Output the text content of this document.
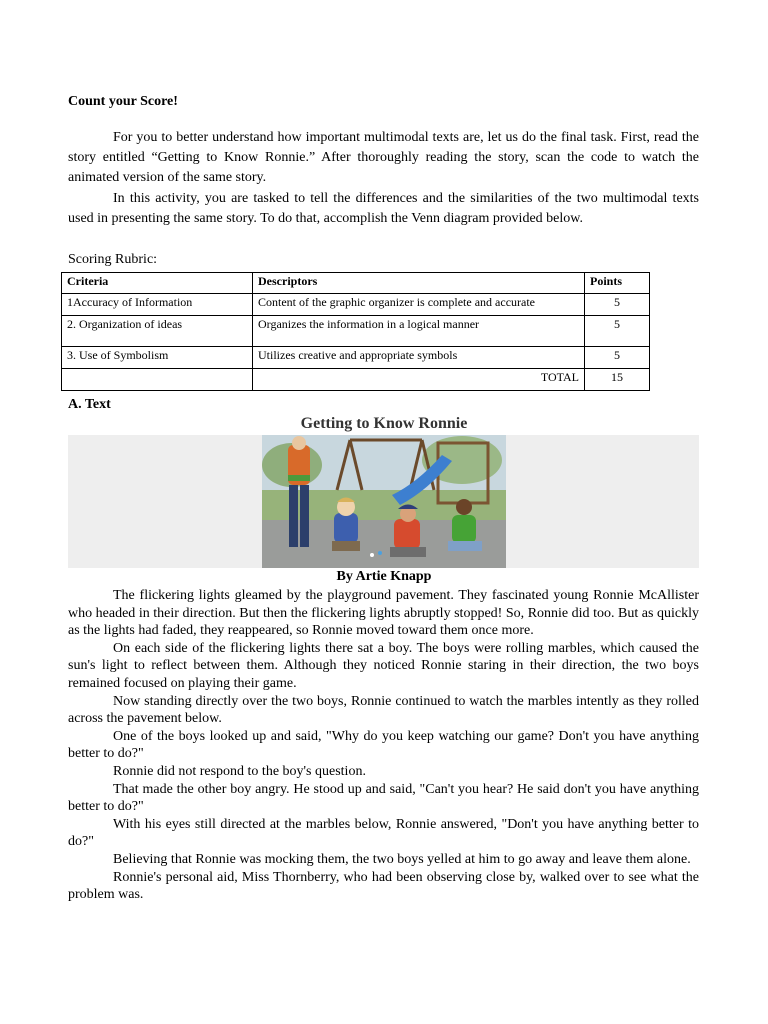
Count your Score!

For you to better understand how important multimodal texts are, let us do the final task. First, read the story entitled “Getting to Know Ronnie.” After thoroughly reading the story, scan the code to watch the animated version of the same story.

In this activity, you are tasked to tell the differences and the similarities of the two multimodal texts used in presenting the same story. To do that, accomplish the Venn diagram provided below.

Scoring Rubric:
Criteria	Descriptors	Points
1Accuracy of Information	Content of the graphic organizer is complete and accurate	5
2. Organization of ideas	Organizes the information in a logical manner	5
3. Use of Symbolism	Utilizes creative and appropriate symbols	5
	TOTAL	15
A. Text
Getting to Know Ronnie
By Artie Knapp

The flickering lights gleamed by the playground pavement. They fascinated young Ronnie McAllister who headed in their direction. But then the flickering lights abruptly stopped! So, Ronnie did too. But as quickly as the lights had faded, they reappeared, so Ronnie moved toward them once more.

On each side of the flickering lights there sat a boy. The boys were rolling marbles, which caused the sun's light to reflect between them. Although they noticed Ronnie staring in their direction, the two boys remained focused on playing their game.

Now standing directly over the two boys, Ronnie continued to watch the marbles intently as they rolled across the pavement below.

One of the boys looked up and said, "Why do you keep watching our game? Don't you have anything better to do?"

Ronnie did not respond to the boy's question.

That made the other boy angry. He stood up and said, "Can't you hear? He said don't you have anything better to do?"

With his eyes still directed at the marbles below, Ronnie answered, "Don't you have anything better to do?"

Believing that Ronnie was mocking them, the two boys yelled at him to go away and leave them alone.

Ronnie's personal aid, Miss Thornberry, who had been observing close by, walked over to see what the problem was.
